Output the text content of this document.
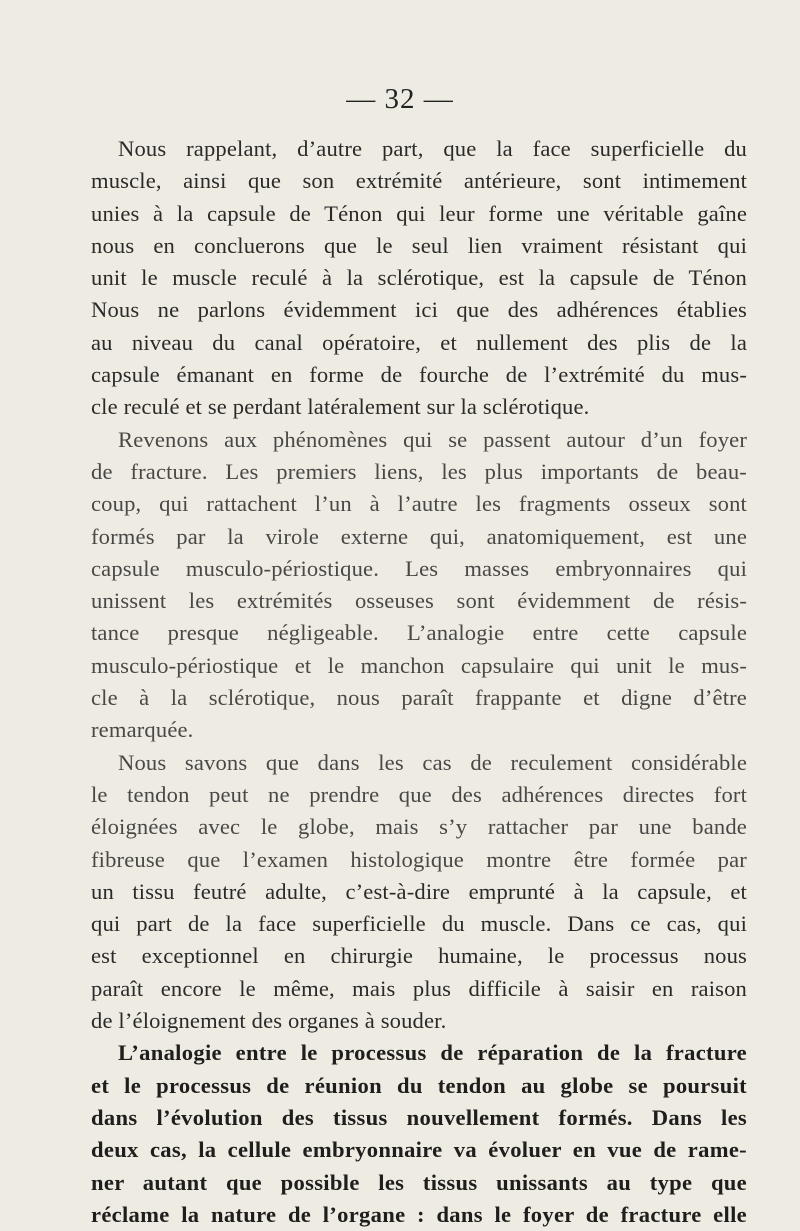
— 32 —
Nous rappelant, d’autre part, que la face superficielle du
muscle, ainsi que son extrémité antérieure, sont intimement
unies à la capsule de Ténon qui leur forme une véritable gaîne
nous en concluerons que le seul lien vraiment résistant qui
unit le muscle reculé à la sclérotique, est la capsule de Ténon
Nous ne parlons évidemment ici que des adhérences établies
au niveau du canal opératoire, et nullement des plis de la
capsule émanant en forme de fourche de l’extrémité du mus-
cle reculé et se perdant latéralement sur la sclérotique.
Revenons aux phénomènes qui se passent autour d’un foyer
de fracture. Les premiers liens, les plus importants de beau-
coup, qui rattachent l’un à l’autre les fragments osseux sont
formés par la virole externe qui, anatomiquement, est une
capsule musculo-périostique. Les masses embryonnaires qui
unissent les extrémités osseuses sont évidemment de résis-
tance presque négligeable. L’analogie entre cette capsule
musculo-périostique et le manchon capsulaire qui unit le mus-
cle à la sclérotique, nous paraît frappante et digne d’être
remarquée.
Nous savons que dans les cas de reculement considérable
le tendon peut ne prendre que des adhérences directes fort
éloignées avec le globe, mais s’y rattacher par une bande
fibreuse que l’examen histologique montre être formée par
un tissu feutré adulte, c’est-à-dire emprunté à la capsule, et
qui part de la face superficielle du muscle. Dans ce cas, qui
est exceptionnel en chirurgie humaine, le processus nous
paraît encore le même, mais plus difficile à saisir en raison
de l’éloignement des organes à souder.
L’analogie entre le processus de réparation de la fracture
et le processus de réunion du tendon au globe se poursuit
dans l’évolution des tissus nouvellement formés. Dans les
deux cas, la cellule embryonnaire va évoluer en vue de rame-
ner autant que possible les tissus unissants au type que
réclame la nature de l’organe : dans le foyer de fracture elle
